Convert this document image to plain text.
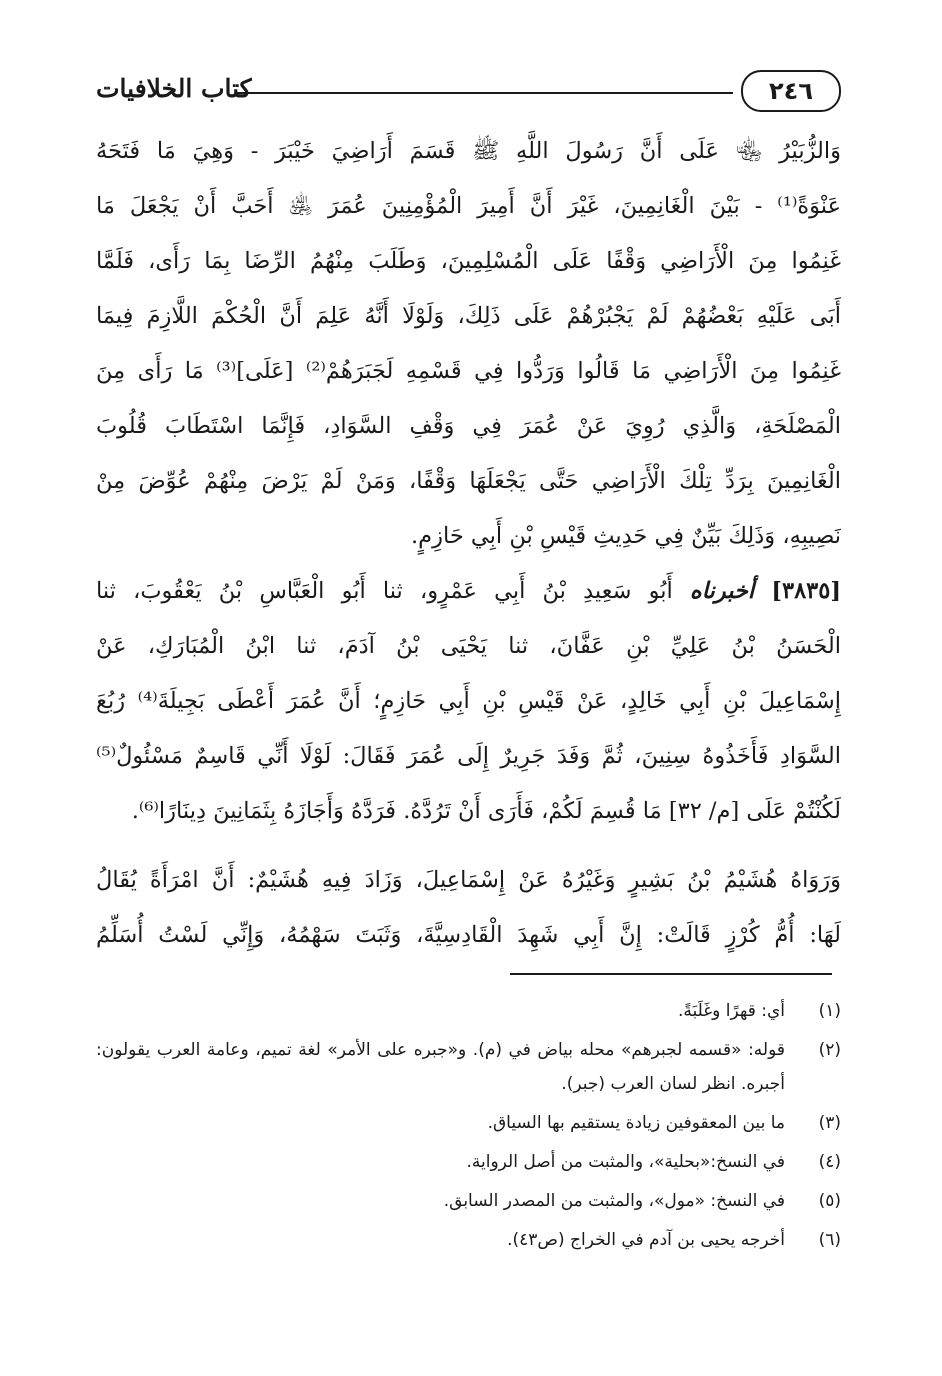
كتاب الخلافيات	٢٤٦
وَالزُّبَيْرُ ﵄ عَلَى أَنَّ رَسُولَ اللَّهِ ﷺ قَسَمَ أَرَاضِيَ خَيْبَرَ - وَهِيَ مَا فَتَحَهُ
عَنْوَةً⁽¹⁾ - بَيْنَ الْغَانِمِينَ، غَيْرَ أَنَّ أَمِيرَ الْمُؤْمِنِينَ عُمَرَ ﵁ أَحَبَّ أَنْ يَجْعَلَ مَا
غَنِمُوا مِنَ الْأَرَاضِي وَقْفًا عَلَى الْمُسْلِمِينَ، وَطَلَبَ مِنْهُمُ الرِّضَا بِمَا رَأَى، فَلَمَّا
أَبَى عَلَيْهِ بَعْضُهُمْ لَمْ يَجْبُرْهُمْ عَلَى ذَلِكَ، وَلَوْلَا أَنَّهُ عَلِمَ أَنَّ الْحُكْمَ اللَّازِمَ فِيمَا
غَنِمُوا مِنَ الْأَرَاضِي مَا قَالُوا وَرَدُّوا فِي قَسْمِهِ لَجَبَرَهُمْ⁽²⁾ [عَلَى]⁽³⁾ مَا رَأَى مِنَ
الْمَصْلَحَةِ، وَالَّذِي رُوِيَ عَنْ عُمَرَ فِي وَقْفِ السَّوَادِ، فَإِنَّمَا اسْتَطَابَ قُلُوبَ
الْغَانِمِينَ بِرَدِّ تِلْكَ الْأَرَاضِي حَتَّى يَجْعَلَهَا وَقْفًا، وَمَنْ لَمْ يَرْضَ مِنْهُمْ عُوِّضَ مِنْ
نَصِيبِهِ، وَذَلِكَ بَيِّنٌ فِي حَدِيثِ قَيْسِ بْنِ أَبِي حَازِمٍ.
[٣٨٣٥] أخبرناه أَبُو سَعِيدِ بْنُ أَبِي عَمْرٍو، ثنا أَبُو الْعَبَّاسِ بْنُ يَعْقُوبَ، ثنا
الْحَسَنُ بْنُ عَلِيِّ بْنِ عَفَّانَ، ثنا يَحْيَى بْنُ آدَمَ، ثنا ابْنُ الْمُبَارَكِ، عَنْ
إِسْمَاعِيلَ بْنِ أَبِي خَالِدٍ، عَنْ قَيْسِ بْنِ أَبِي حَازِمٍ؛ أَنَّ عُمَرَ أَعْطَى بَجِيلَةَ⁽⁴⁾ رُبُعَ
السَّوَادِ فَأَخَذُوهُ سِنِينَ، ثُمَّ وَفَدَ جَرِيرٌ إِلَى عُمَرَ فَقَالَ: لَوْلَا أَنِّي قَاسِمٌ مَسْئُولٌ⁽⁵⁾
لَكُنْتُمْ عَلَى [م/ ٣٢] مَا قُسِمَ لَكُمْ، فَأَرَى أَنْ تَرُدَّهُ. فَرَدَّهُ وَأَجَازَهُ بِثَمَانِينَ دِينَارًا⁽⁶⁾.
وَرَوَاهُ هُشَيْمُ بْنُ بَشِيرٍ وَغَيْرُهُ عَنْ إِسْمَاعِيلَ، وَزَادَ فِيهِ هُشَيْمٌ: أَنَّ امْرَأَةً يُقَالُ
لَهَا: أُمُّ كُرْزٍ قَالَتْ: إِنَّ أَبِي شَهِدَ الْقَادِسِيَّةَ، وَثَبَتَ سَهْمُهُ، وَإِنِّي لَسْتُ أُسَلِّمُ
(١)
أي: قهرًا وغَلَبَةً.
(٢)
قوله: «قسمه لجبرهم» محله بياض في (م). و«جبره على الأمر» لغة تميم، وعامة العرب يقولون: أجبره. انظر لسان العرب (جبر).
(٣)
ما بين المعقوفين زيادة يستقيم بها السياق.
(٤)
في النسخ:«بحلية»، والمثبت من أصل الرواية.
(٥)
في النسخ: «مول»، والمثبت من المصدر السابق.
(٦)
أخرجه يحيى بن آدم في الخراج (ص٤٣).
